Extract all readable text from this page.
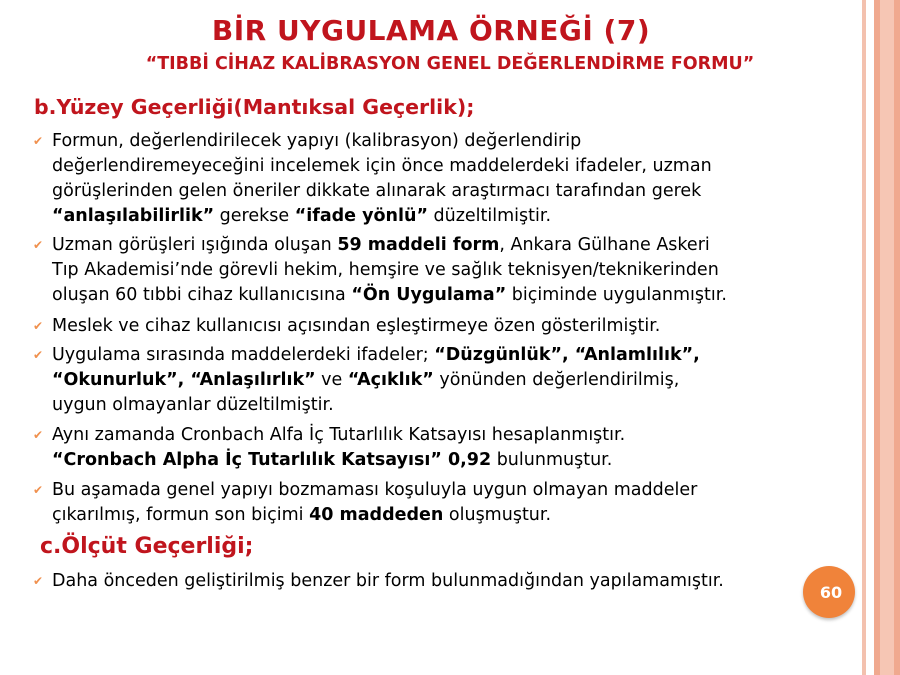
BİR UYGULAMA ÖRNEĞİ (7)
“TIBBİ CİHAZ KALİBRASYON GENEL DEĞERLENDİRME FORMU”
b.Yüzey Geçerliği(Mantıksal Geçerlik);
✔ Formun, değerlendirilecek yapıyı (kalibrasyon) değerlendirip
değerlendiremeyeceğini incelemek için önce maddelerdeki ifadeler, uzman
görüşlerinden gelen öneriler dikkate alınarak araştırmacı tarafından gerek
“anlaşılabilirlik” gerekse “ifade yönlü” düzeltilmiştir.
✔ Uzman görüşleri ışığında oluşan 59 maddeli form, Ankara Gülhane Askeri
Tıp Akademisi’nde görevli hekim, hemşire ve sağlık teknisyen/teknikerinden
oluşan 60 tıbbi cihaz kullanıcısına “Ön Uygulama” biçiminde uygulanmıştır.
✔ Meslek ve cihaz kullanıcısı açısından eşleştirmeye özen gösterilmiştir.
✔ Uygulama sırasında maddelerdeki ifadeler; “Düzgünlük”, “Anlamlılık”,
“Okunurluk”, “Anlaşılırlık” ve “Açıklık” yönünden değerlendirilmiş,
uygun olmayanlar düzeltilmiştir.
✔ Aynı zamanda Cronbach Alfa İç Tutarlılık Katsayısı hesaplanmıştır.
“Cronbach Alpha İç Tutarlılık Katsayısı” 0,92 bulunmuştur.
✔ Bu aşamada genel yapıyı bozmaması koşuluyla uygun olmayan maddeler
çıkarılmış, formun son biçimi 40 maddeden oluşmuştur.
c.Ölçüt Geçerliği;
✔ Daha önceden geliştirilmiş benzer bir form bulunmadığından yapılamamıştır.
60
